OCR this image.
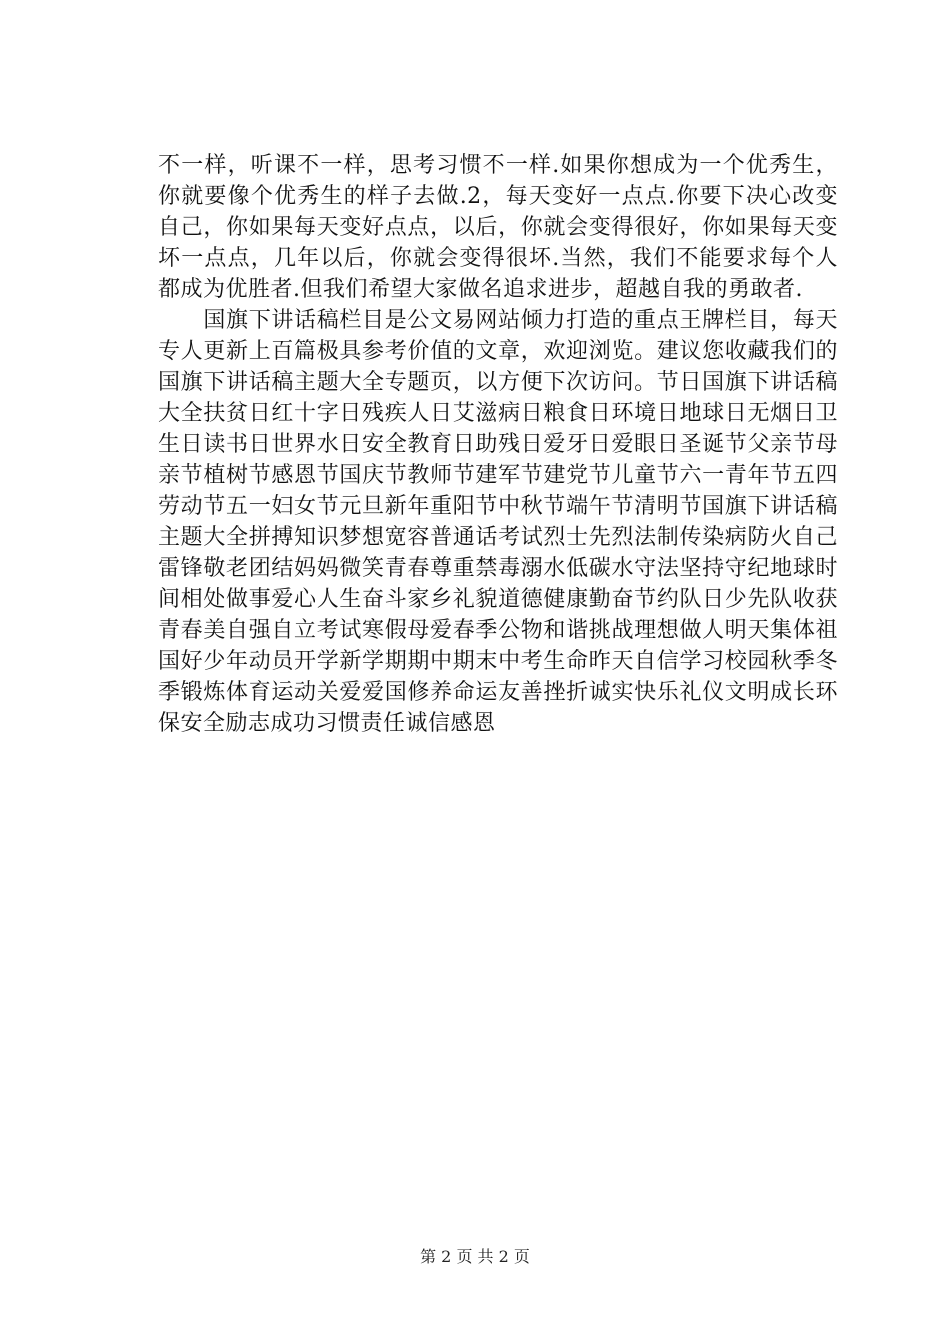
不一样，听课不一样，思考习惯不一样.如果你想成为一个优秀生，你就要像个优秀生的样子去做.2，每天变好一点点.你要下决心改变自己，你如果每天变好点点，以后，你就会变得很好，你如果每天变坏一点点，几年以后，你就会变得很坏.当然，我们不能要求每个人都成为优胜者.但我们希望大家做名追求进步，超越自我的勇敢者.

　　国旗下讲话稿栏目是公文易网站倾力打造的重点王牌栏目，每天专人更新上百篇极具参考价值的文章，欢迎浏览。建议您收藏我们的国旗下讲话稿主题大全专题页，以方便下次访问。节日国旗下讲话稿大全扶贫日红十字日残疾人日艾滋病日粮食日环境日地球日无烟日卫生日读书日世界水日安全教育日助残日爱牙日爱眼日圣诞节父亲节母亲节植树节感恩节国庆节教师节建军节建党节儿童节六一青年节五四劳动节五一妇女节元旦新年重阳节中秋节端午节清明节国旗下讲话稿主题大全拼搏知识梦想宽容普通话考试烈士先烈法制传染病防火自己雷锋敬老团结妈妈微笑青春尊重禁毒溺水低碳水守法坚持守纪地球时间相处做事爱心人生奋斗家乡礼貌道德健康勤奋节约队日少先队收获青春美自强自立考试寒假母爱春季公物和谐挑战理想做人明天集体祖国好少年动员开学新学期期中期末中考生命昨天自信学习校园秋季冬季锻炼体育运动关爱爱国修养命运友善挫折诚实快乐礼仪文明成长环保安全励志成功习惯责任诚信感恩

第 2 页 共 2 页
